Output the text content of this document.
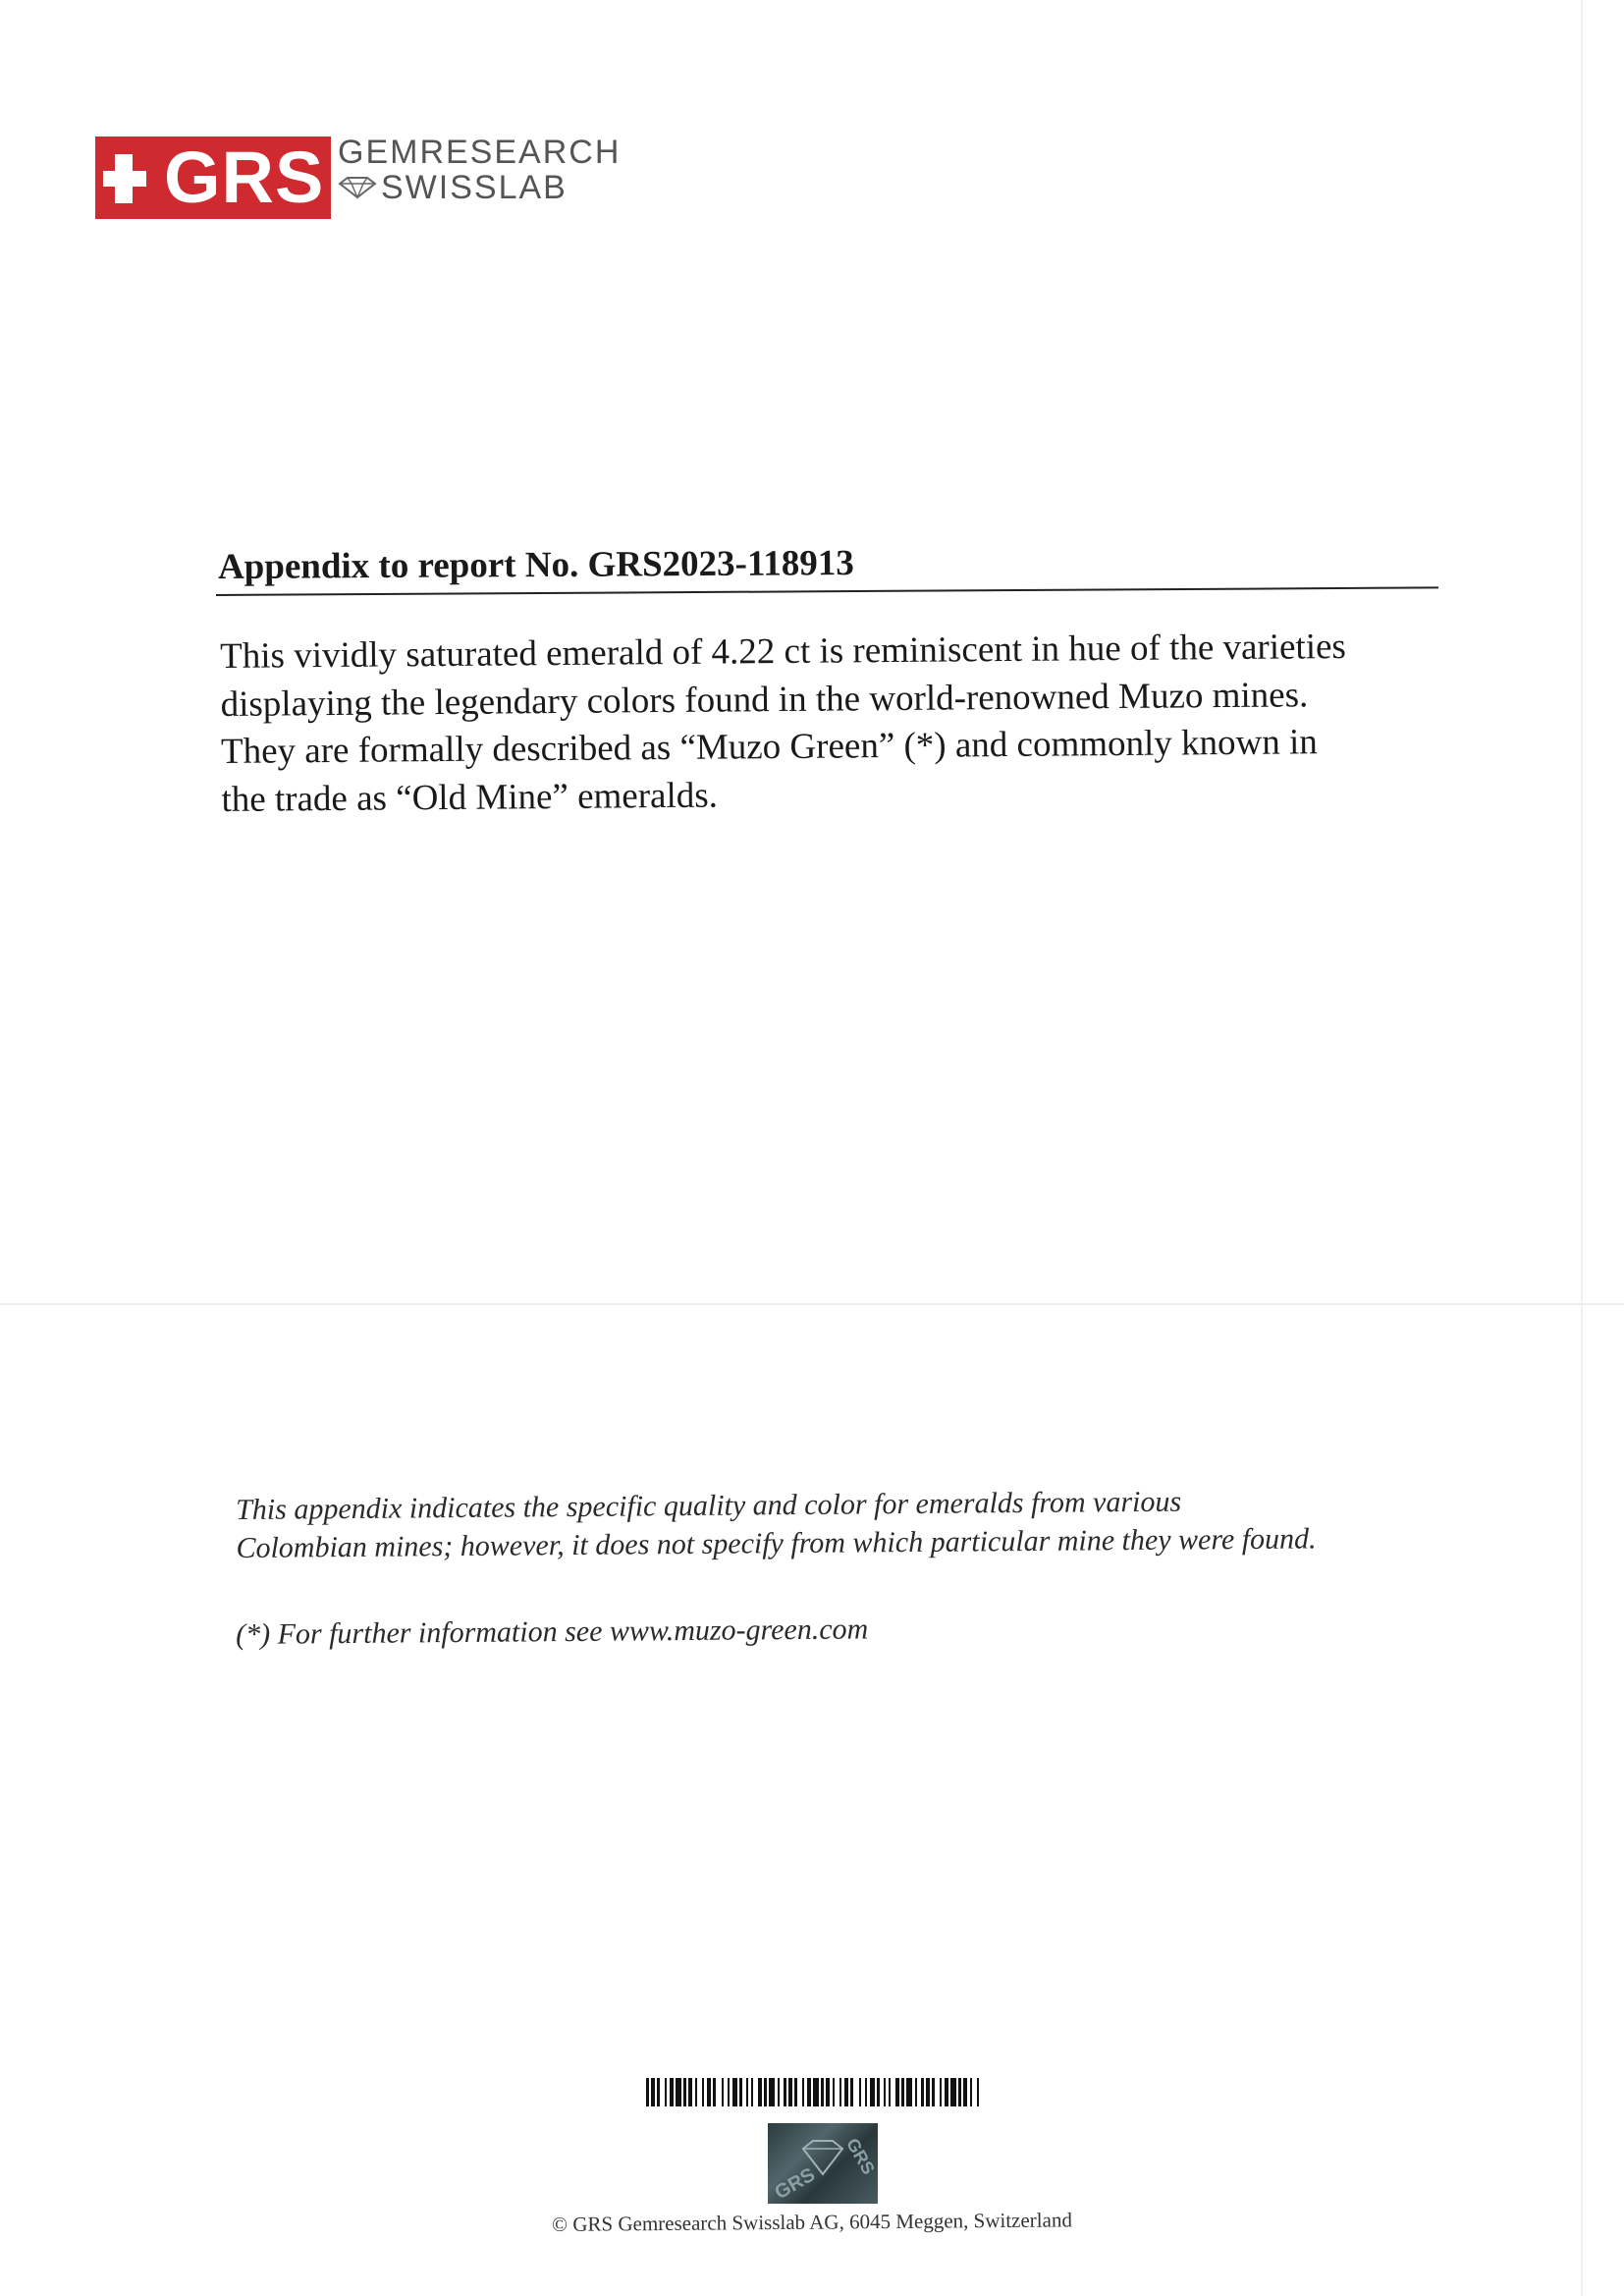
GRS GEMRESEARCH
SWISSLAB
Appendix to report No. GRS2023-118913

This vividly saturated emerald of 4.22 ct is reminiscent in hue of the varieties

displaying the legendary colors found in the world-renowned Muzo mines.

They are formally described as “Muzo Green” (*) and commonly known in

the trade as “Old Mine” emeralds.

This appendix indicates the specific quality and color for emeralds from various

Colombian mines; however, it does not specify from which particular mine they were found.

(*) For further information see www.muzo-green.com
GRS
GRS
© GRS Gemresearch Swisslab AG, 6045 Meggen, Switzerland
